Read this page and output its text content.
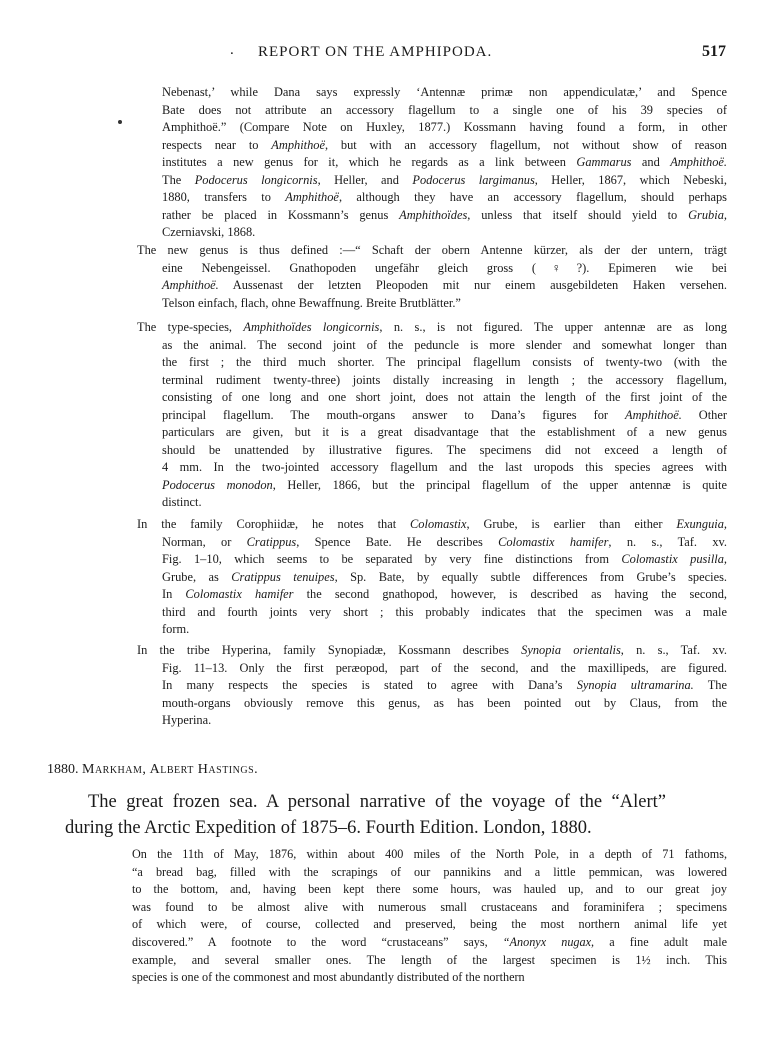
. REPORT ON THE AMPHIPODA.	517
Nebenast,’ while Dana says expressly ‘Antennæ primæ non appendiculatæ,’ and Spence
Bate does not attribute an accessory flagellum to a single one of his 39 species of
Amphithoë.” (Compare Note on Huxley, 1877.) Kossmann having found a form, in other
respects near to Amphithoë, but with an accessory flagellum, not without show of reason
institutes a new genus for it, which he regards as a link between Gammarus and Amphithoë.
The Podocerus longicornis, Heller, and Podocerus largimanus, Heller, 1867, which Nebeski,
1880, transfers to Amphithoë, although they have an accessory flagellum, should perhaps
rather be placed in Kossmann’s genus Amphithoïdes, unless that itself should yield to Grubia,
Czerniavski, 1868.
The new genus is thus defined :—“ Schaft der obern Antenne kürzer, als der der untern, trägt
eine Nebengeissel. Gnathopoden ungefähr gleich gross (♀?). Epimeren wie bei
Amphithoë. Aussenast der letzten Pleopoden mit nur einem ausgebildeten Haken versehen.
Telson einfach, flach, ohne Bewaffnung. Breite Brutblätter.”
The type-species, Amphithoïdes longicornis, n. s., is not figured. The upper antennæ are as long
as the animal. The second joint of the peduncle is more slender and somewhat longer than
the first ; the third much shorter. The principal flagellum consists of twenty-two (with the
terminal rudiment twenty-three) joints distally increasing in length ; the accessory flagellum,
consisting of one long and one short joint, does not attain the length of the first joint of the
principal flagellum. The mouth-organs answer to Dana’s figures for Amphithoë. Other
particulars are given, but it is a great disadvantage that the establishment of a new genus
should be unattended by illustrative figures. The specimens did not exceed a length of
4 mm. In the two-jointed accessory flagellum and the last uropods this species agrees with
Podocerus monodon, Heller, 1866, but the principal flagellum of the upper antennæ is quite
distinct.
In the family Corophiidæ, he notes that Colomastix, Grube, is earlier than either Exunguia,
Norman, or Cratippus, Spence Bate. He describes Colomastix hamifer, n. s., Taf. xv.
Fig. 1–10, which seems to be separated by very fine distinctions from Colomastix pusilla,
Grube, as Cratippus tenuipes, Sp. Bate, by equally subtle differences from Grube’s species.
In Colomastix hamifer the second gnathopod, however, is described as having the second,
third and fourth joints very short ; this probably indicates that the specimen was a male
form.
In the tribe Hyperina, family Synopiadæ, Kossmann describes Synopia orientalis, n. s., Taf. xv.
Fig. 11–13. Only the first peræopod, part of the second, and the maxillipeds, are figured.
In many respects the species is stated to agree with Dana’s Synopia ultramarina. The
mouth-organs obviously remove this genus, as has been pointed out by Claus, from the
Hyperina.
1880. Markham, Albert Hastings.
The great frozen sea. A personal narrative of the voyage of the “Alert”
during the Arctic Expedition of 1875–6. Fourth Edition. London, 1880.
On the 11th of May, 1876, within about 400 miles of the North Pole, in a depth of 71 fathoms,
“a bread bag, filled with the scrapings of our pannikins and a little pemmican, was lowered
to the bottom, and, having been kept there some hours, was hauled up, and to our great joy
was found to be almost alive with numerous small crustaceans and foraminifera ; specimens
of which were, of course, collected and preserved, being the most northern animal life yet
discovered.” A footnote to the word “crustaceans” says, “Anonyx nugax, a fine adult male
example, and several smaller ones. The length of the largest specimen is 1½ inch. This
species is one of the commonest and most abundantly distributed of the northern
